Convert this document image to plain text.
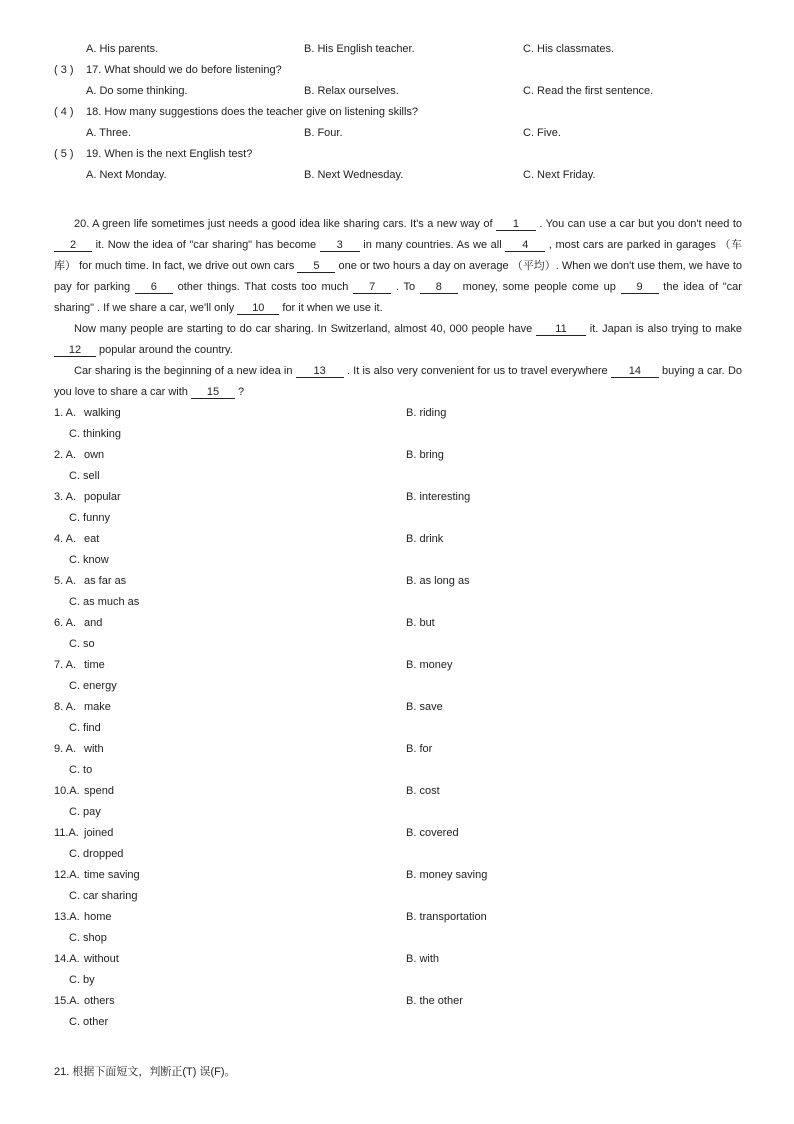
A. His parents.	B. His English teacher.	C. His classmates.
( 3 ) 17. What should we do before listening?
A. Do some thinking.	B. Relax ourselves.	C. Read the first sentence.
( 4 ) 18. How many suggestions does the teacher give on listening skills?
A. Three.	B. Four.	C. Five.
( 5 ) 19. When is the next English test?
A. Next Monday.	B. Next Wednesday.	C. Next Friday.
20. A green life sometimes just needs a good idea like sharing cars. It's a new way of 1 . You can use a car but you don't need to 2 it. Now the idea of "car sharing" has become 3 in many countries. As we all 4 , most cars are parked in garages （车库） for much time. In fact, we drive out own cars 5 one or two hours a day on average （平均）. When we don't use them, we have to pay for parking 6 other things. That costs too much 7 . To 8 money, some people come up 9 the idea of "car sharing" . If we share a car, we'll only 10 for it when we use it.
Now many people are starting to do car sharing. In Switzerland, almost 40, 000 people have 11 it. Japan is also trying to make 12 popular around the country.
Car sharing is the beginning of a new idea in 13 . It is also very convenient for us to travel everywhere 14 buying a car. Do you love to share a car with 15 ?
1. A. walking	B. riding
C. thinking
2. A. own	B. bring
C. sell
3. A. popular	B. interesting
C. funny
4. A. eat	B. drink
C. know
5. A. as far as	B. as long as
C. as much as
6. A. and	B. but
C. so
7. A. time	B. money
C. energy
8. A. make	B. save
C. find
9. A. with	B. for
C. to
10.A. spend	B. cost
C. pay
11.A. joined	B. covered
C. dropped
12.A. time saving	B. money saving
C. car sharing
13.A. home	B. transportation
C. shop
14.A. without	B. with
C. by
15.A. others	B. the other
C. other
21. 根据下面短文，判断正(T) 误(F)。
